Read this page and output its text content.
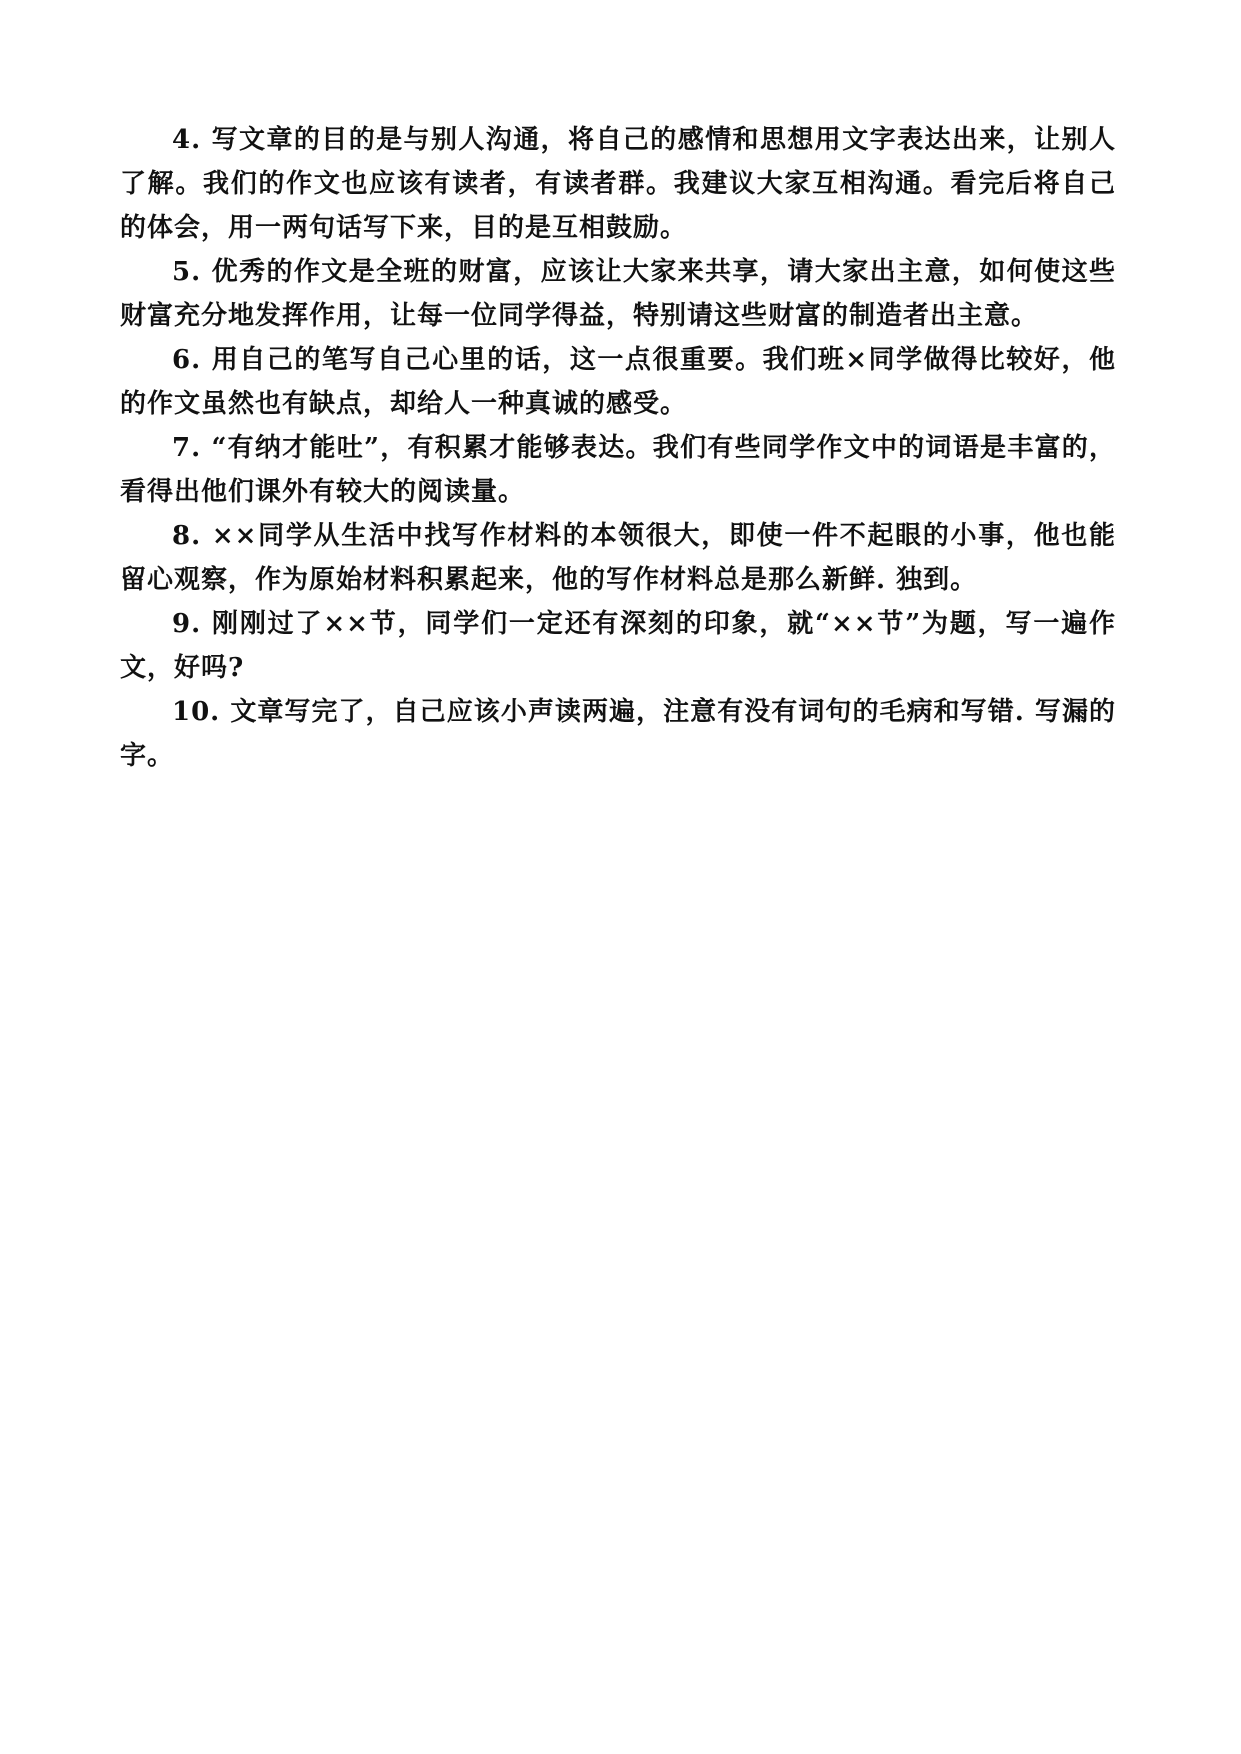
4. 写文章的目的是与别人沟通，将自己的感情和思想用文字表达出来，让别人了解。我们的作文也应该有读者，有读者群。我建议大家互相沟通。看完后将自己的体会，用一两句话写下来，目的是互相鼓励。

5. 优秀的作文是全班的财富，应该让大家来共享，请大家出主意，如何使这些财富充分地发挥作用，让每一位同学得益，特别请这些财富的制造者出主意。

6. 用自己的笔写自己心里的话，这一点很重要。我们班×同学做得比较好，他的作文虽然也有缺点，却给人一种真诚的感受。

7. “有纳才能吐”，有积累才能够表达。我们有些同学作文中的词语是丰富的，看得出他们课外有较大的阅读量。

8. ××同学从生活中找写作材料的本领很大，即使一件不起眼的小事，他也能留心观察，作为原始材料积累起来，他的写作材料总是那么新鲜. 独到。

9. 刚刚过了××节，同学们一定还有深刻的印象，就“××节”为题，写一遍作文，好吗?

10. 文章写完了，自己应该小声读两遍，注意有没有词句的毛病和写错. 写漏的字。
